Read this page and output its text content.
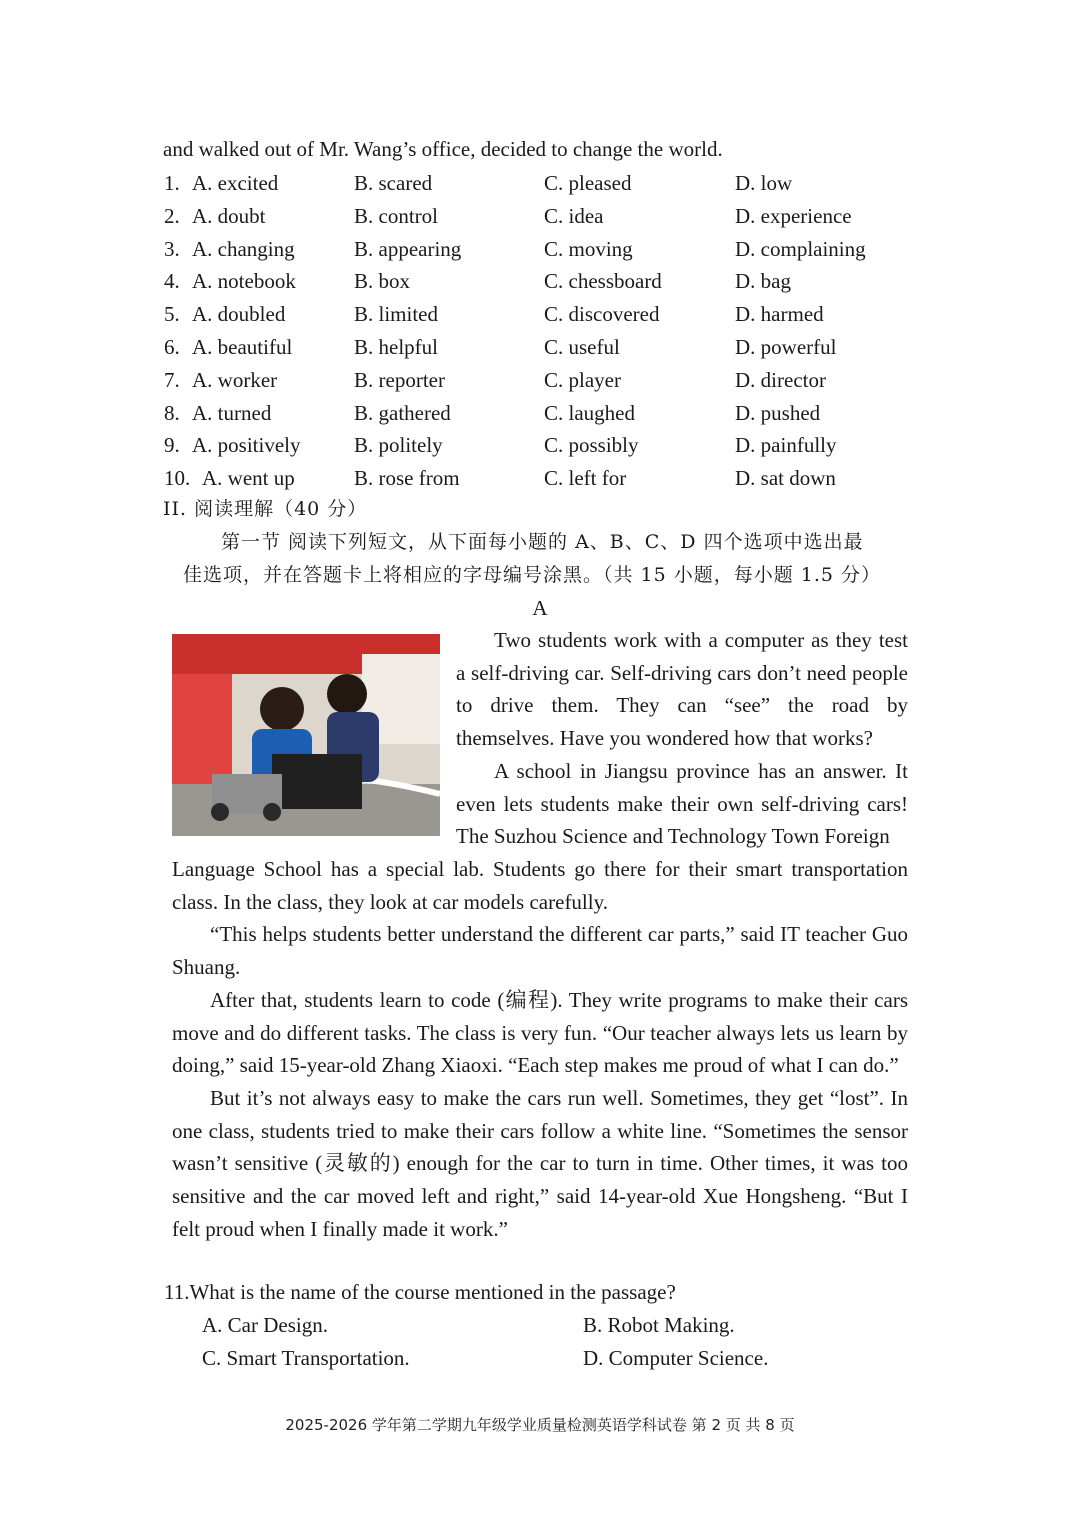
and walked out of Mr. Wang’s office, decided to change the world.
1. A. excited	B. scared	C. pleased	D. low
2. A. doubt	B. control	C. idea	D. experience
3. A. changing	B. appearing	C. moving	D. complaining
4. A. notebook	B. box	C. chessboard	D. bag
5. A. doubled	B. limited	C. discovered	D. harmed
6. A. beautiful	B. helpful	C. useful	D. powerful
7. A. worker	B. reporter	C. player	D. director
8. A. turned	B. gathered	C. laughed	D. pushed
9. A. positively	B. politely	C. possibly	D. painfully
10. A. went up	B. rose from	C. left for	D. sat down
II. 阅读理解（40 分）
第一节 阅读下列短文，从下面每小题的 A、B、C、D 四个选项中选出最
佳选项，并在答题卡上将相应的字母编号涂黑。（共 15 小题，每小题 1.5 分）
A

Two students work with a computer as they test a self-driving car. Self-driving cars don’t need people to drive them. They can “see” the road by themselves. Have you wondered how that works?

A school in Jiangsu province has an answer. It even lets students make their own self-driving cars! The Suzhou Science and Technology Town Foreign

Language School has a special lab. Students go there for their smart transportation class. In the class, they look at car models carefully.

“This helps students better understand the different car parts,” said IT teacher Guo Shuang.

After that, students learn to code (编程). They write programs to make their cars move and do different tasks. The class is very fun. “Our teacher always lets us learn by doing,” said 15-year-old Zhang Xiaoxi. “Each step makes me proud of what I can do.”

But it’s not always easy to make the cars run well. Sometimes, they get “lost”. In one class, students tried to make their cars follow a white line. “Sometimes the sensor wasn’t sensitive (灵敏的) enough for the car to turn in time. Other times, it was too sensitive and the car moved left and right,” said 14-year-old Xue Hongsheng. “But I felt proud when I finally made it work.”

11.What is the name of the course mentioned in the passage?
A. Car Design.	B. Robot Making.
C. Smart Transportation.	D. Computer Science.
2025-2026 学年第二学期九年级学业质量检测英语学科试卷 第 2 页 共 8 页
